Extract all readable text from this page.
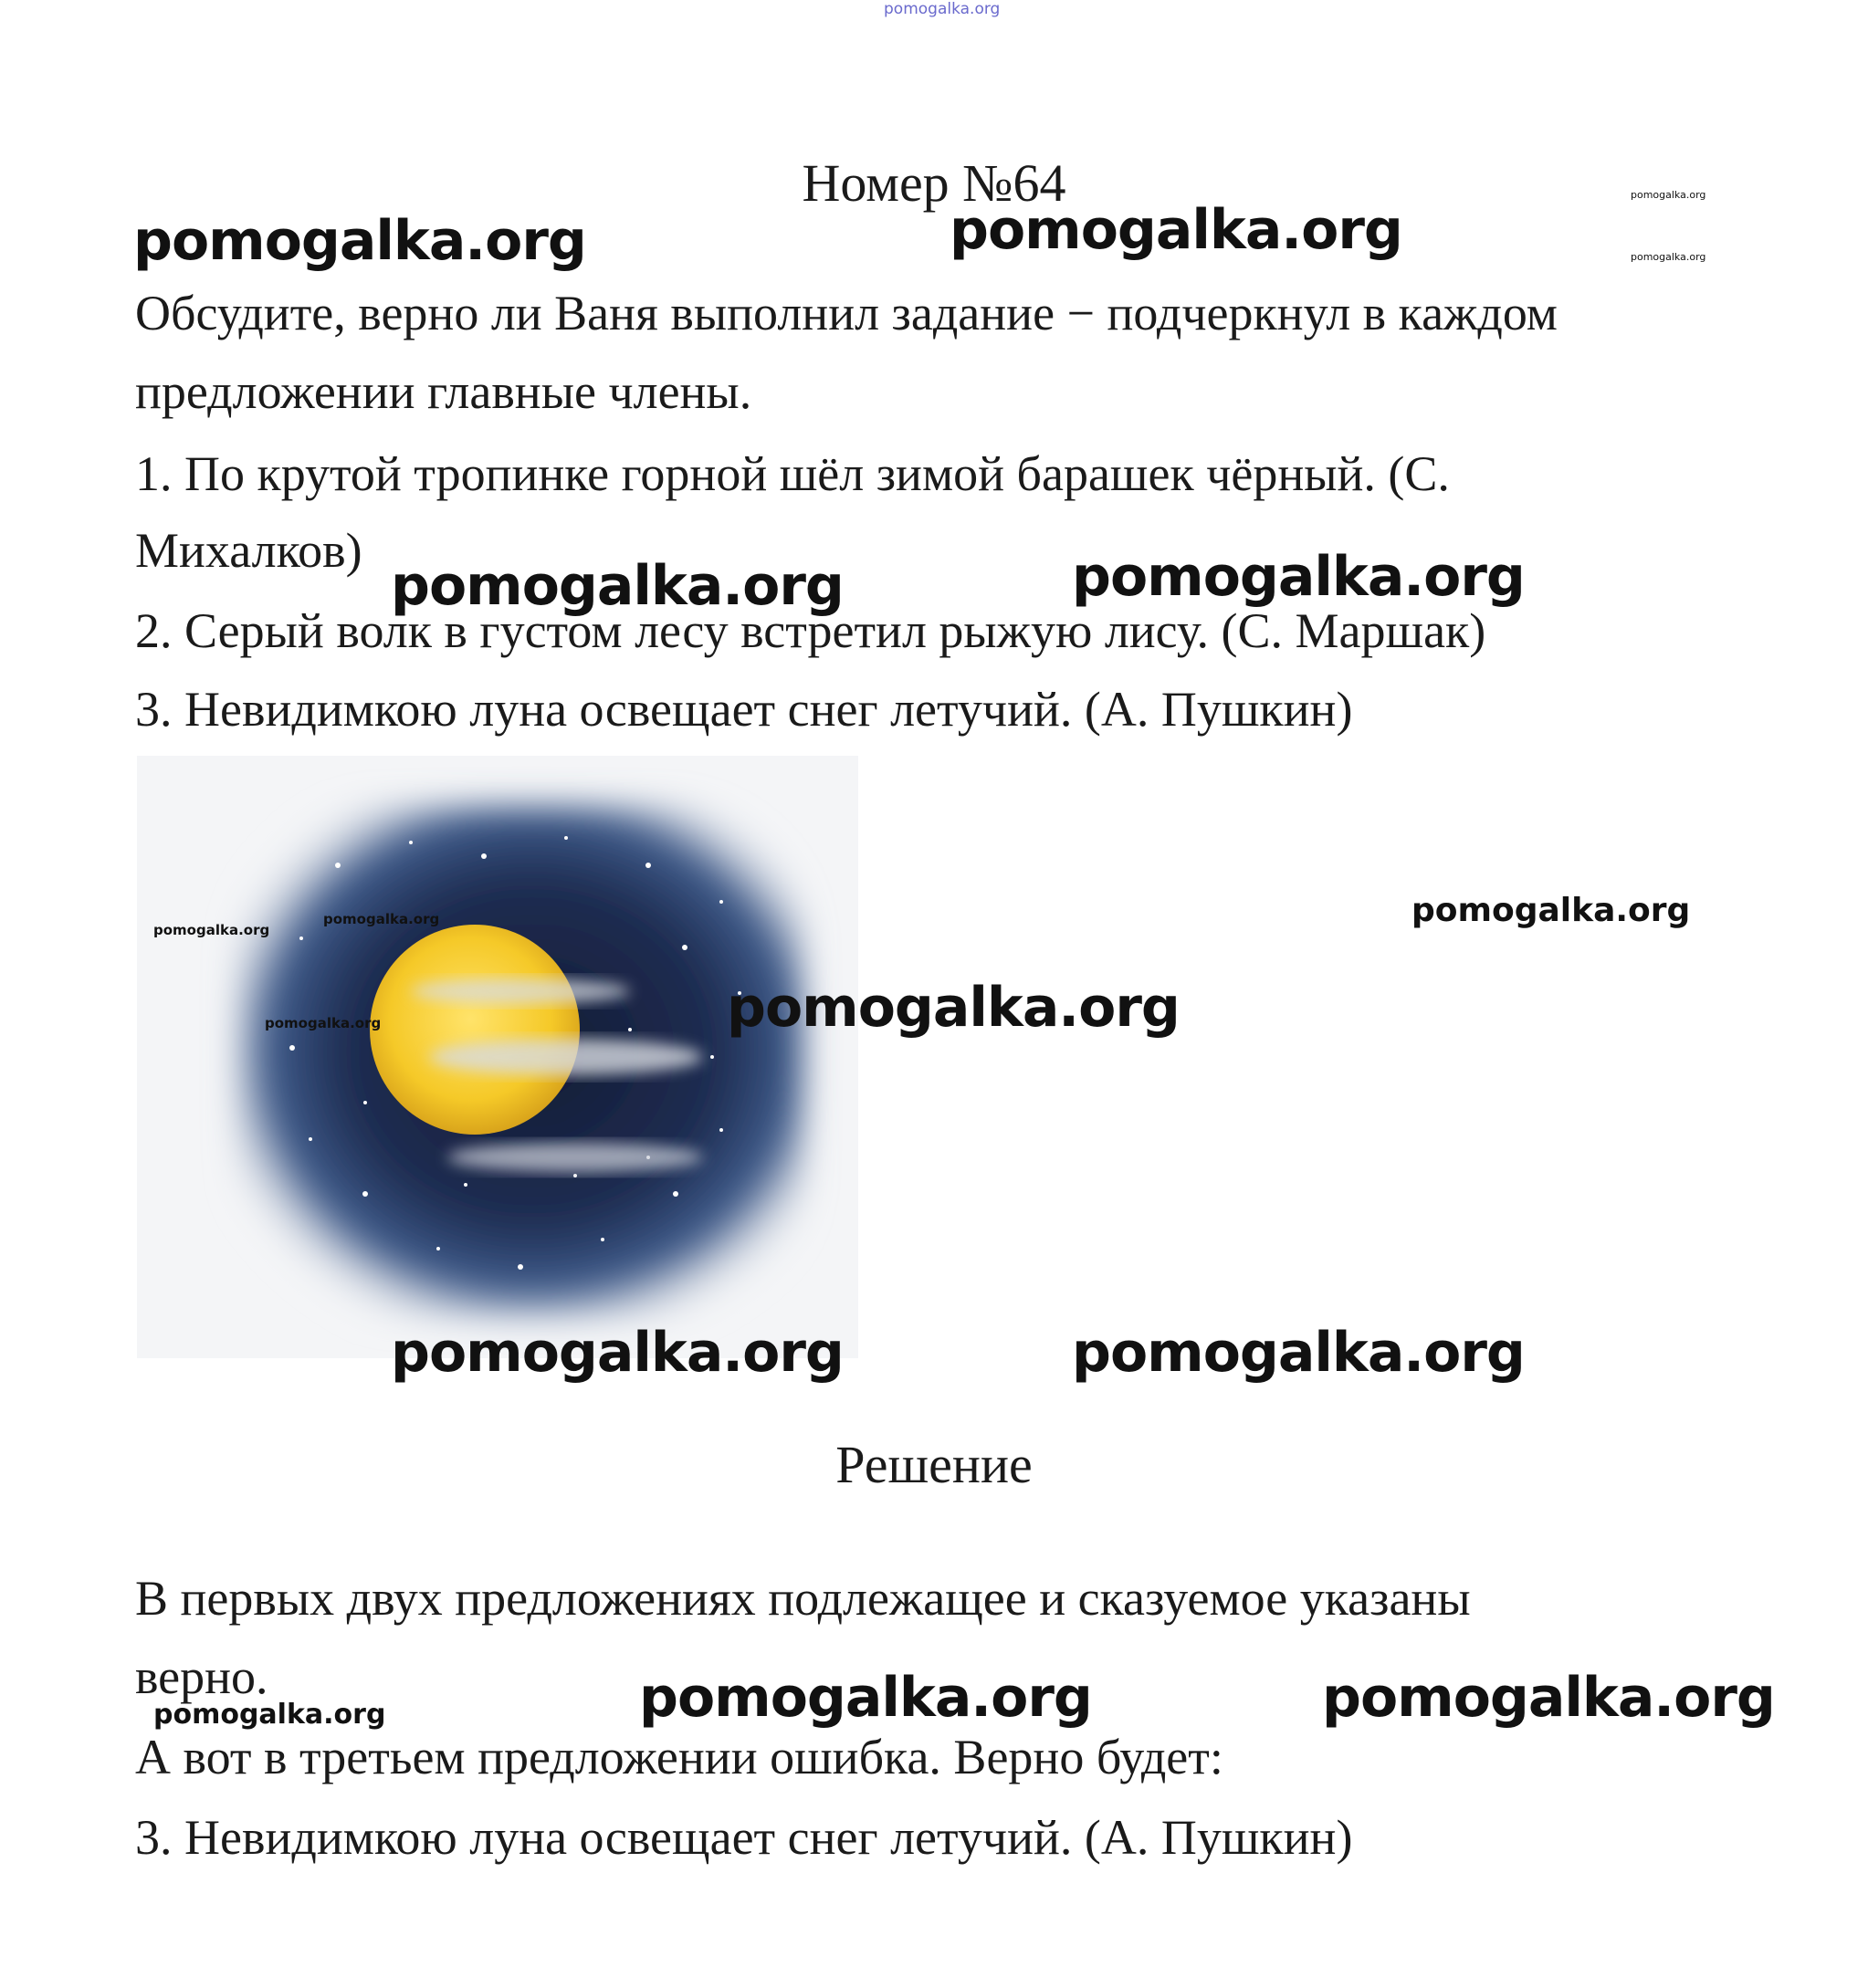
pomogalka.org
Номер №64
pomogalka.org	pomogalka.org
pomogalka.org
pomogalka.org
Обсудите, верно ли Ваня выполнил задание − подчеркнул в каждом
предложении главные члены.
1. По крутой тропинке горной шёл зимой барашек чёрный. (С.
Михалков)
pomogalka.org	pomogalka.org
2. Серый волк в густом лесу встретил рыжую лису. (С. Маршак)
3. Невидимкою луна освещает снег летучий. (А. Пушкин)
pomogalka.org
pomogalka.org
pomogalka.org
pomogalka.org
pomogalka.org
pomogalka.org	pomogalka.org
Решение
В первых двух предложениях подлежащее и сказуемое указаны
верно.
pomogalka.org	pomogalka.org	pomogalka.org
А вот в третьем предложении ошибка. Верно будет:
3. Невидимкою луна освещает снег летучий. (А. Пушкин)
